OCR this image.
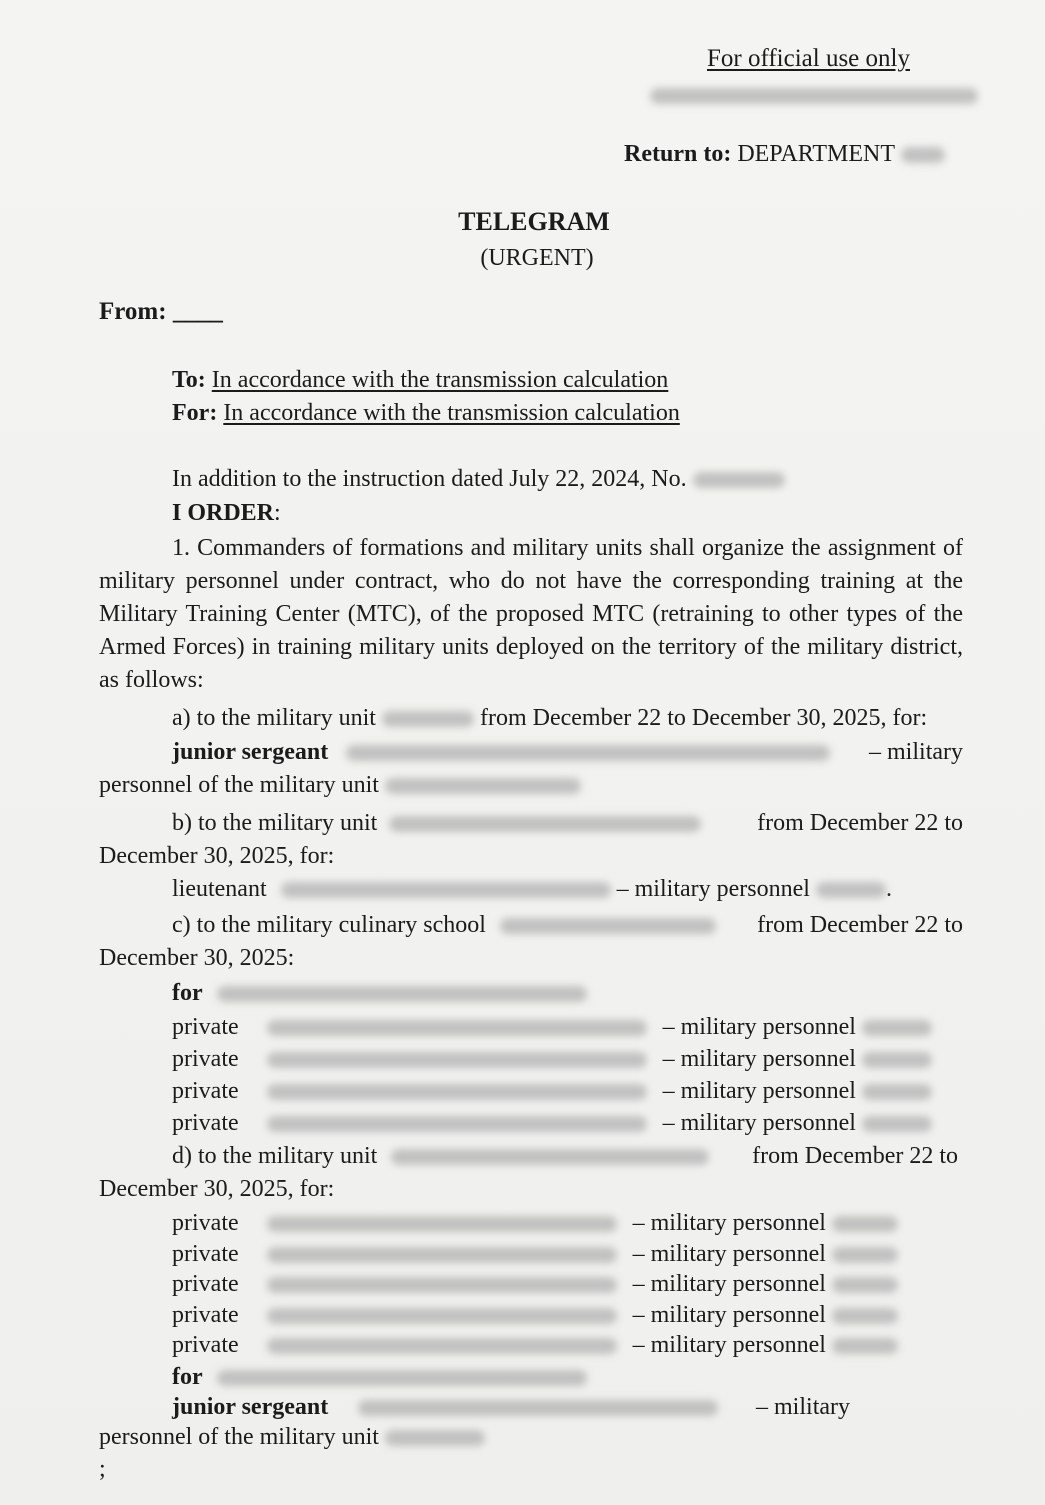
For official use only
Return to: DEPARTMENT
TELEGRAM
(URGENT)
From: ____
To: In accordance with the transmission calculation
For: In accordance with the transmission calculation
In addition to the instruction dated July 22, 2024, No.
I ORDER:
1. Commanders of formations and military units shall organize the assignment of military personnel under contract, who do not have the corresponding training at the Military Training Center (MTC), of the proposed MTC (retraining to other types of the Armed Forces) in training military units deployed on the territory of the military district, as follows:
a) to the military unit	from December 22 to December 30, 2025, for:
junior sergeant	– military
personnel of the military unit
b) to the military unit	from December 22 to
December 30, 2025, for:
lieutenant	– military personnel	.
c) to the military culinary school	from December 22 to
December 30, 2025:
for
private	– military personnel
private	– military personnel
private	– military personnel
private	– military personnel
d) to the military unit	from December 22 to
December 30, 2025, for:
private	– military personnel
private	– military personnel
private	– military personnel
private	– military personnel
private	– military personnel
for
junior sergeant	– military
personnel of the military unit
;
